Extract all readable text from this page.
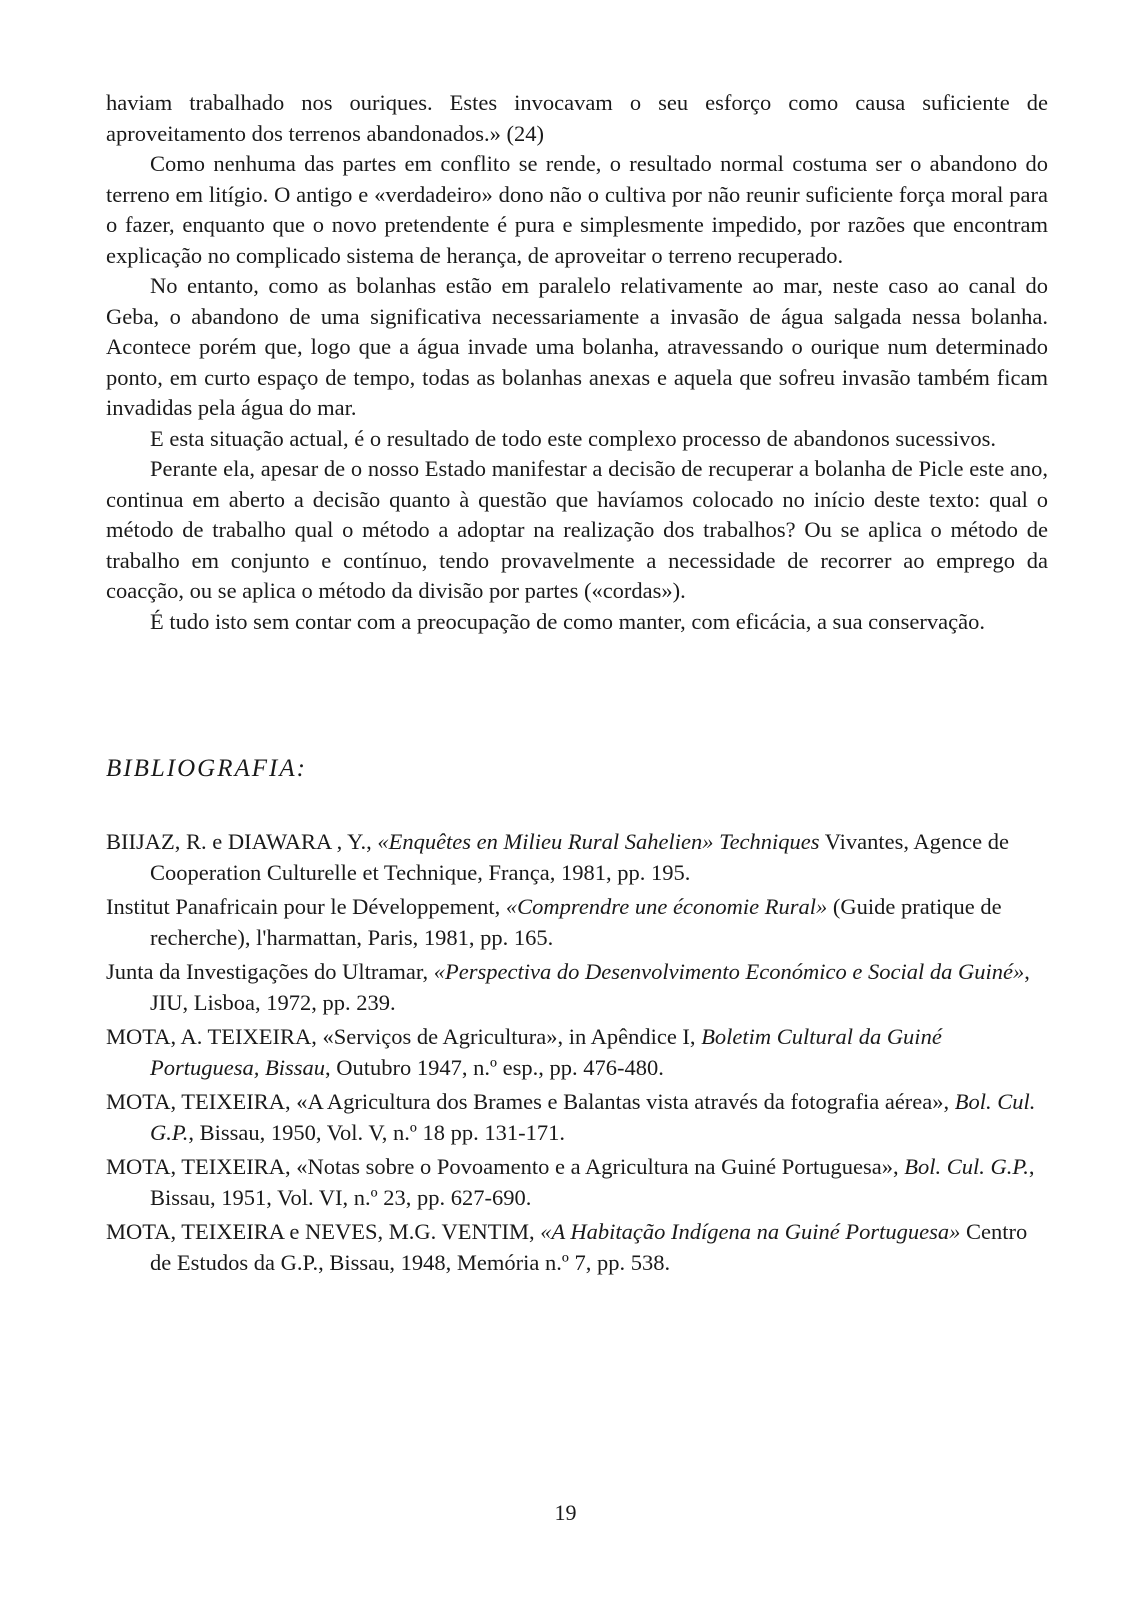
haviam trabalhado nos ouriques. Estes invocavam o seu esforço como causa suficiente de aproveitamento dos terrenos abandonados.» (24)

Como nenhuma das partes em conflito se rende, o resultado normal costuma ser o abandono do terreno em litígio. O antigo e «verdadeiro» dono não o cultiva por não reunir suficiente força moral para o fazer, enquanto que o novo pretendente é pura e simplesmente impedido, por razões que encontram explicação no complicado sistema de herança, de aproveitar o terreno recuperado.

No entanto, como as bolanhas estão em paralelo relativamente ao mar, neste caso ao canal do Geba, o abandono de uma significativa necessariamente a invasão de água salgada nessa bolanha. Acontece porém que, logo que a água invade uma bolanha, atravessando o ourique num determinado ponto, em curto espaço de tempo, todas as bolanhas anexas e aquela que sofreu invasão também ficam invadidas pela água do mar.

E esta situação actual, é o resultado de todo este complexo processo de abandonos sucessivos.

Perante ela, apesar de o nosso Estado manifestar a decisão de recuperar a bolanha de Picle este ano, continua em aberto a decisão quanto à questão que havíamos colocado no início deste texto: qual o método de trabalho qual o método a adoptar na realização dos trabalhos? Ou se aplica o método de trabalho em conjunto e contínuo, tendo provavelmente a necessidade de recorrer ao emprego da coacção, ou se aplica o método da divisão por partes («cordas»).

É tudo isto sem contar com a preocupação de como manter, com eficácia, a sua conservação.

BIBLIOGRAFIA:

BIIJAZ, R. e DIAWARA , Y., «Enquêtes en Milieu Rural Sahelien» Techniques Vivantes, Agence de Cooperation Culturelle et Technique, França, 1981, pp. 195.

Institut Panafricain pour le Développement, «Comprendre une économie Rural» (Guide pratique de recherche), l'harmattan, Paris, 1981, pp. 165.

Junta da Investigações do Ultramar, «Perspectiva do Desenvolvimento Económico e Social da Guiné», JIU, Lisboa, 1972, pp. 239.

MOTA, A. TEIXEIRA, «Serviços de Agricultura», in Apêndice I, Boletim Cultural da Guiné Portuguesa, Bissau, Outubro 1947, n.º esp., pp. 476-480.

MOTA, TEIXEIRA, «A Agricultura dos Brames e Balantas vista através da fotografia aérea», Bol. Cul. G.P., Bissau, 1950, Vol. V, n.º 18 pp. 131-171.

MOTA, TEIXEIRA, «Notas sobre o Povoamento e a Agricultura na Guiné Portuguesa», Bol. Cul. G.P., Bissau, 1951, Vol. VI, n.º 23, pp. 627-690.

MOTA, TEIXEIRA e NEVES, M.G. VENTIM, «A Habitação Indígena na Guiné Portuguesa» Centro de Estudos da G.P., Bissau, 1948, Memória n.º 7, pp. 538.

19
